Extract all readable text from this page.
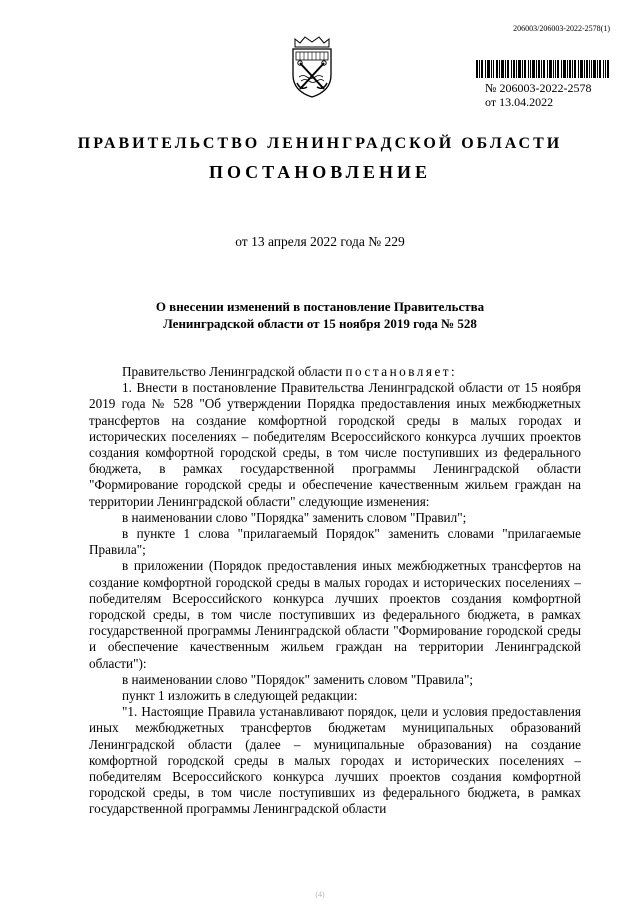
206003/206003-2022-2578(1)
№ 206003-2022-2578
от 13.04.2022
ПРАВИТЕЛЬСТВО ЛЕНИНГРАДСКОЙ ОБЛАСТИ
ПОСТАНОВЛЕНИЕ
от 13 апреля 2022 года № 229
О внесении изменений в постановление Правительства
Ленинградской области от 15 ноября 2019 года № 528

Правительство Ленинградской области постановляет:

1. Внести в постановление Правительства Ленинградской области от 15 ноября 2019 года № 528 "Об утверждении Порядка предоставления иных межбюджетных трансфертов на создание комфортной городской среды в малых городах и исторических поселениях – победителям Всероссийского конкурса лучших проектов создания комфортной городской среды, в том числе поступивших из федерального бюджета, в рамках государственной программы Ленинградской области "Формирование городской среды и обеспечение качественным жильем граждан на территории Ленинградской области" следующие изменения:

в наименовании слово "Порядка" заменить словом "Правил";

в пункте 1 слова "прилагаемый Порядок" заменить словами "прилагаемые Правила";

в приложении (Порядок предоставления иных межбюджетных трансфертов на создание комфортной городской среды в малых городах и исторических поселениях – победителям Всероссийского конкурса лучших проектов создания комфортной городской среды, в том числе поступивших из федерального бюджета, в рамках государственной программы Ленинградской области "Формирование городской среды и обеспечение качественным жильем граждан на территории Ленинградской области"):

в наименовании слово "Порядок" заменить словом "Правила";

пункт 1 изложить в следующей редакции:

"1. Настоящие Правила устанавливают порядок, цели и условия предоставления иных межбюджетных трансфертов бюджетам муниципальных образований Ленинградской области (далее – муниципальные образования) на создание комфортной городской среды в малых городах и исторических поселениях – победителям Всероссийского конкурса лучших проектов создания комфортной городской среды, в том числе поступивших из федерального бюджета, в рамках государственной программы Ленинградской области

(4)
